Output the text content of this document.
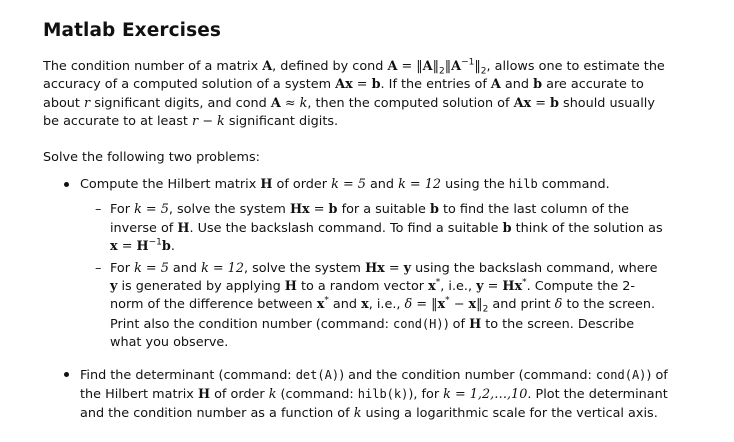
Matlab Exercises

The condition number of a matrix A, defined by cond $A = ‖A‖_2‖A^{-1}‖_2$, allows one to estimate the accuracy of a computed solution of a system Ax = b. If the entries of A and b are accurate to about r significant digits, and cond A ≈ k, then the computed solution of Ax = b should usually be accurate to at least r − k significant digits.

Solve the following two problems:

Compute the Hilbert matrix H of order k = 5 and k = 12 using the hilb command.
– For k = 5, solve the system Hx = b for a suitable b to find the last column of the inverse of H. Use the backslash command. To find a suitable b think of the solution as $x = H^{-1}b$.
– For k = 5 and k = 12, solve the system Hx = y using the backslash command, where y is generated by applying H to a random vector x*, i.e., y = Hx*. Compute the 2-norm of the difference between x* and x, i.e., δ = ‖x* − $x‖_2$ and print δ to the screen. Print also the condition number (command: cond(H)) of H to the screen. Describe what you observe.
Find the determinant (command: det(A)) and the condition number (command: cond(A)) of the Hilbert matrix H of order k (command: hilb(k)), for k = 1,2,…,10. Plot the determinant and the condition number as a function of k using a logarithmic scale for the vertical axis.
